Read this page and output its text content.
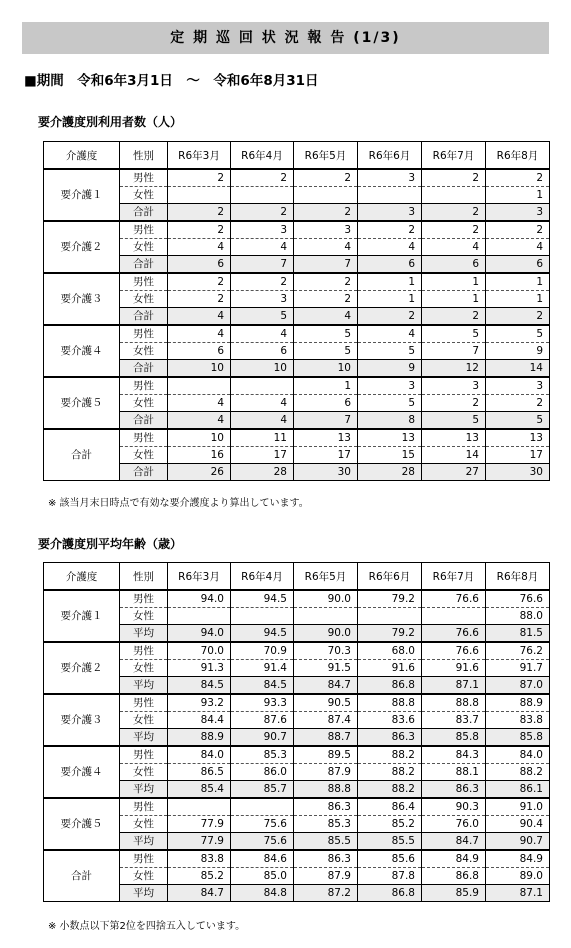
定 期 巡 回 状 況 報 告 (1/3)
■期間　令和6年3月1日　～　令和6年8月31日
要介護度別利用者数（人）
介護度	性別	R6年3月	R6年4月	R6年5月	R6年6月	R6年7月	R6年8月
要介護１	男性	2	2	2	3	2	2
	女性						1
	合計	2	2	2	3	2	3
要介護２	男性	2	3	3	2	2	2
	女性	4	4	4	4	4	4
	合計	6	7	7	6	6	6
要介護３	男性	2	2	2	1	1	1
	女性	2	3	2	1	1	1
	合計	4	5	4	2	2	2
要介護４	男性	4	4	5	4	5	5
	女性	6	6	5	5	7	9
	合計	10	10	10	9	12	14
要介護５	男性			1	3	3	3
	女性	4	4	6	5	2	2
	合計	4	4	7	8	5	5
合計	男性	10	11	13	13	13	13
	女性	16	17	17	15	14	17
	合計	26	28	30	28	27	30
※ 該当月末日時点で有効な要介護度より算出しています。
要介護度別平均年齢（歳）
介護度	性別	R6年3月	R6年4月	R6年5月	R6年6月	R6年7月	R6年8月
要介護１	男性	94.0	94.5	90.0	79.2	76.6	76.6
	女性						88.0
	平均	94.0	94.5	90.0	79.2	76.6	81.5
要介護２	男性	70.0	70.9	70.3	68.0	76.6	76.2
	女性	91.3	91.4	91.5	91.6	91.6	91.7
	平均	84.5	84.5	84.7	86.8	87.1	87.0
要介護３	男性	93.2	93.3	90.5	88.8	88.8	88.9
	女性	84.4	87.6	87.4	83.6	83.7	83.8
	平均	88.9	90.7	88.7	86.3	85.8	85.8
要介護４	男性	84.0	85.3	89.5	88.2	84.3	84.0
	女性	86.5	86.0	87.9	88.2	88.1	88.2
	平均	85.4	85.7	88.8	88.2	86.3	86.1
要介護５	男性			86.3	86.4	90.3	91.0
	女性	77.9	75.6	85.3	85.2	76.0	90.4
	平均	77.9	75.6	85.5	85.5	84.7	90.7
合計	男性	83.8	84.6	86.3	85.6	84.9	84.9
	女性	85.2	85.0	87.9	87.8	86.8	89.0
	平均	84.7	84.8	87.2	86.8	85.9	87.1
※ 小数点以下第2位を四捨五入しています。
